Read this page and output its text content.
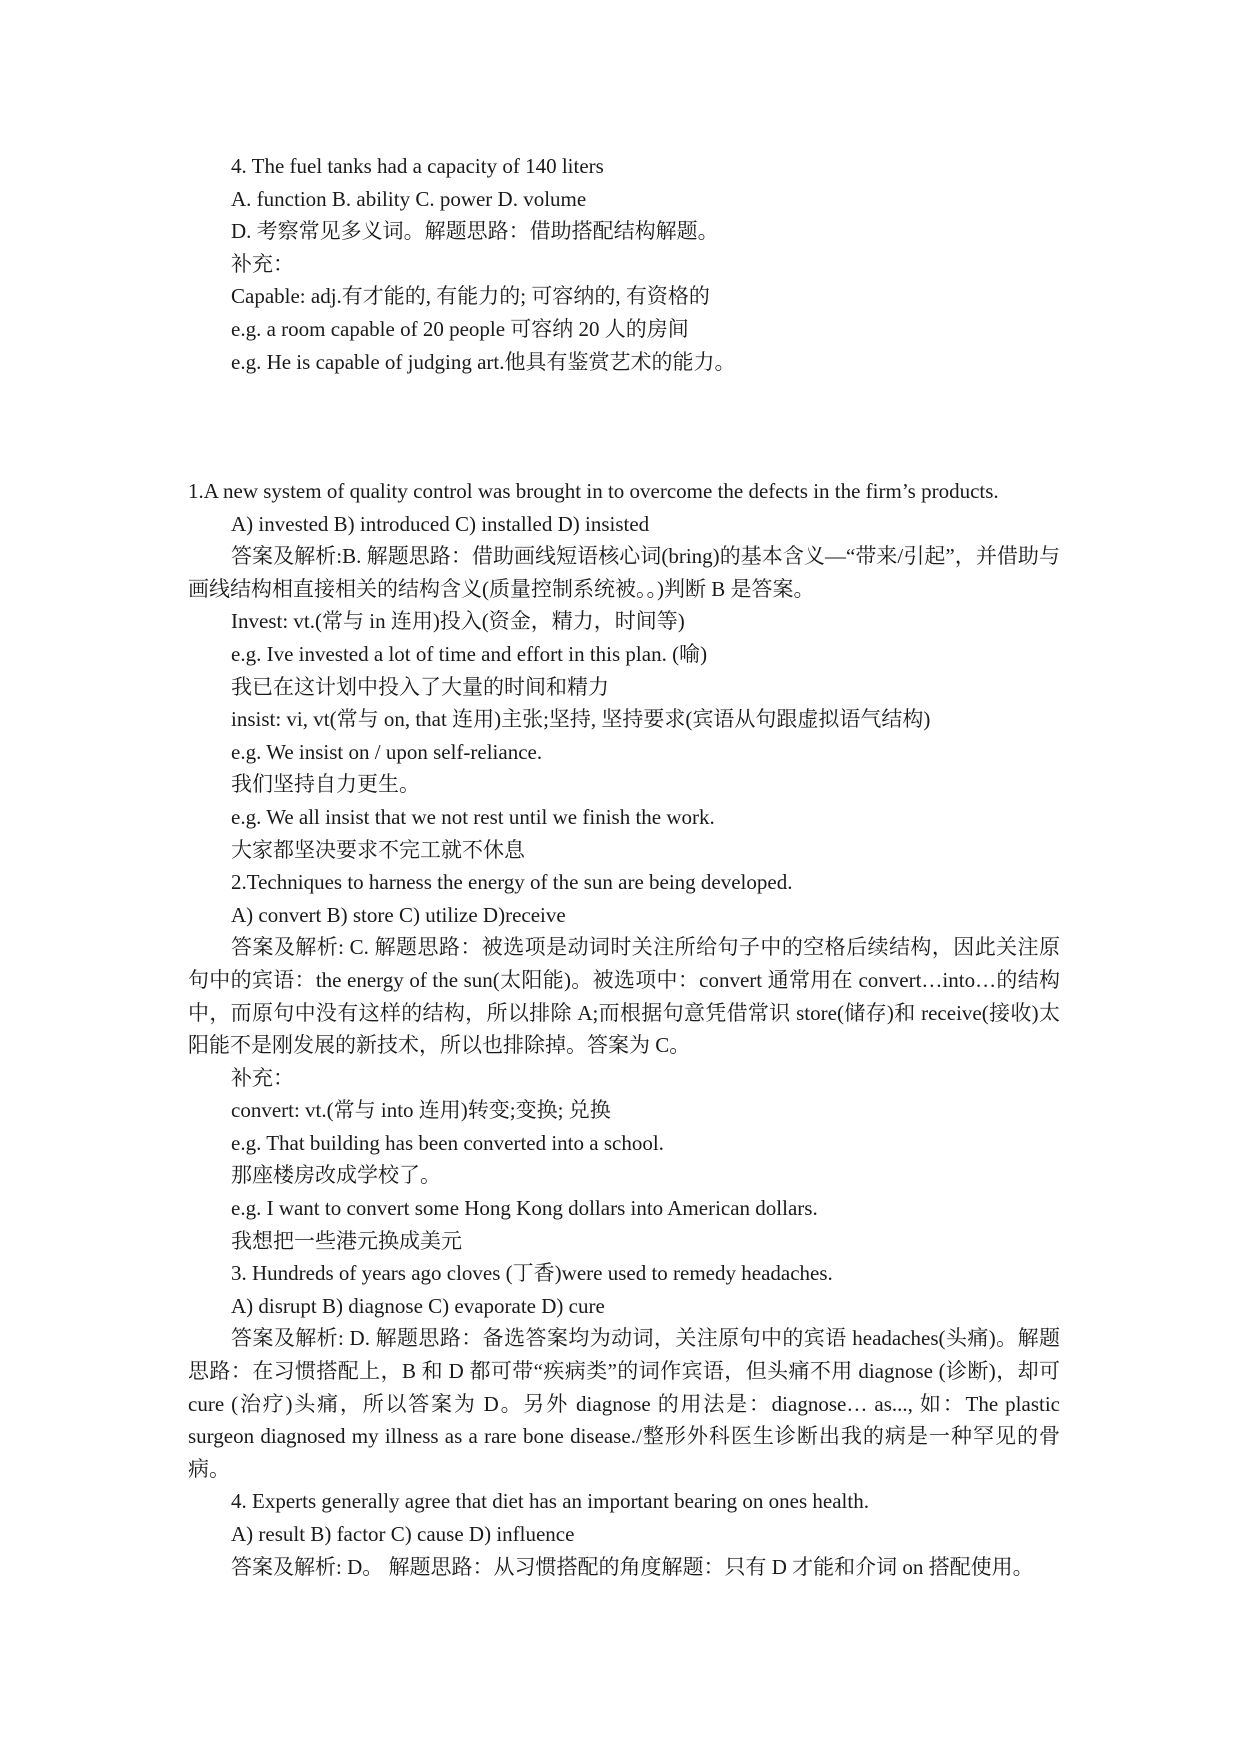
4. The fuel tanks had a capacity of 140 liters

A. function B. ability C. power D. volume

D. 考察常见多义词。解题思路：借助搭配结构解题。

补充：

Capable: adj.有才能的, 有能力的; 可容纳的, 有资格的

e.g. a room capable of 20 people 可容纳 20 人的房间

e.g. He is capable of judging art.他具有鉴赏艺术的能力。

1.A new system of quality control was brought in to overcome the defects in the firm’s products.

A) invested B) introduced C) installed D) insisted

答案及解析:B. 解题思路：借助画线短语核心词(bring)的基本含义—“带来/引起”，并借助与画线结构相直接相关的结构含义(质量控制系统被。。)判断 B 是答案。

Invest: vt.(常与 in 连用)投入(资金，精力，时间等)

e.g. Ive invested a lot of time and effort in this plan. (喻)

我已在这计划中投入了大量的时间和精力

insist: vi, vt(常与 on, that 连用)主张;坚持, 坚持要求(宾语从句跟虚拟语气结构)

e.g. We insist on / upon self-reliance.

我们坚持自力更生。

e.g. We all insist that we not rest until we finish the work.

大家都坚决要求不完工就不休息

2.Techniques to harness the energy of the sun are being developed.

A) convert B) store C) utilize D)receive

答案及解析: C. 解题思路：被选项是动词时关注所给句子中的空格后续结构，因此关注原句中的宾语：the energy of the sun(太阳能)。被选项中：convert 通常用在 convert…into…的结构中，而原句中没有这样的结构，所以排除 A;而根据句意凭借常识 store(储存)和 receive(接收)太阳能不是刚发展的新技术，所以也排除掉。答案为 C。

补充：

convert: vt.(常与 into 连用)转变;变换; 兑换

e.g. That building has been converted into a school.

那座楼房改成学校了。

e.g. I want to convert some Hong Kong dollars into American dollars.

我想把一些港元换成美元

3. Hundreds of years ago cloves (丁香)were used to remedy headaches.

A) disrupt B) diagnose C) evaporate D) cure

答案及解析: D. 解题思路：备选答案均为动词，关注原句中的宾语 headaches(头痛)。解题思路：在习惯搭配上，B 和 D 都可带“疾病类”的词作宾语，但头痛不用 diagnose (诊断)，却可 cure (治疗)头痛，所以答案为 D。另外 diagnose 的用法是：diagnose… as..., 如：The plastic surgeon diagnosed my illness as a rare bone disease./整形外科医生诊断出我的病是一种罕见的骨病。

4. Experts generally agree that diet has an important bearing on ones health.

A) result B) factor C) cause D) influence

答案及解析: D。 解题思路：从习惯搭配的角度解题：只有 D 才能和介词 on 搭配使用。
